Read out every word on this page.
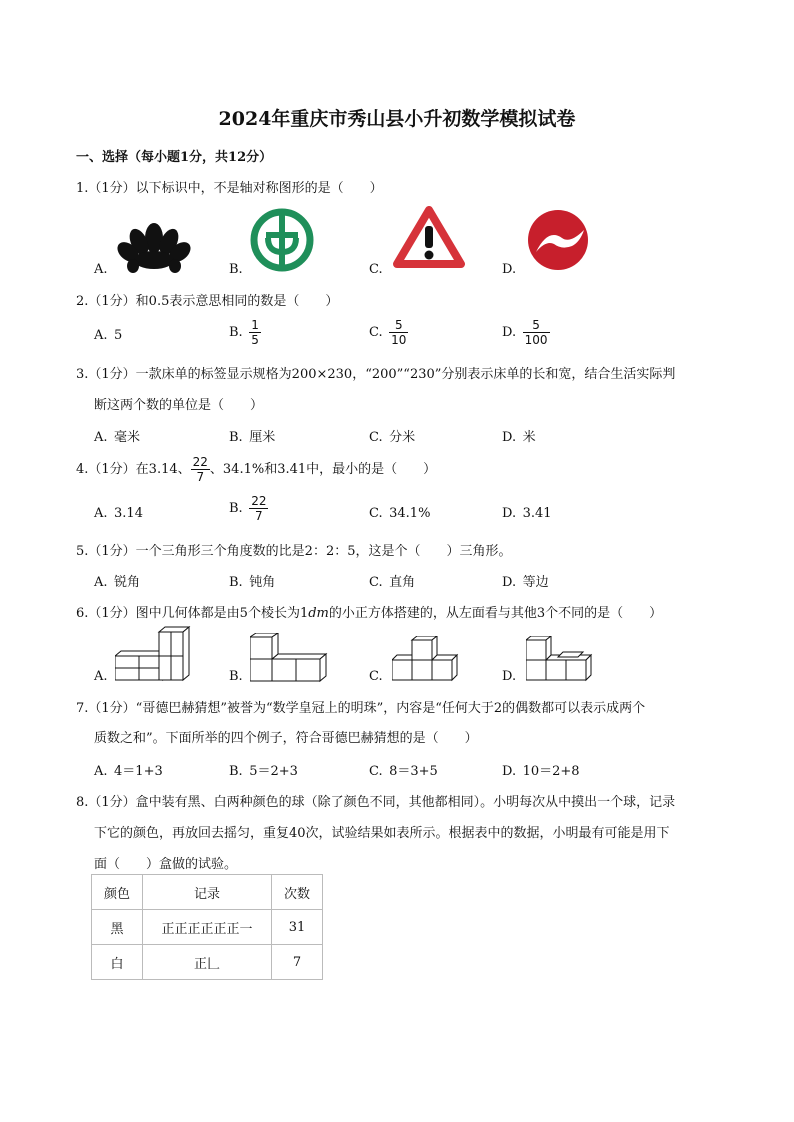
2024年重庆市秀山县小升初数学模拟试卷
一、选择（每小题1分，共12分）
1.（1分）以下标识中，不是轴对称图形的是（　　）
A.	B.	C.	D.
2.（1分）和0.5表示意思相同的数是（　　）
A.  5	B.  $\frac{1}{5}$	C.  $\frac{5}{10}$	D.  $\frac{5}{100}$
3.（1分）一款床单的标签显示规格为200×230，“200”“230”分别表示床单的长和宽，结合生活实际判
断这两个数的单位是（　　）
A.  毫米	B.  厘米	C.  分米	D.  米
4.（1分）在3.14、 $\frac{22}{7}$ 、34.1%和3.41中，最小的是（　　）
A.  3.14	B.  $\frac{22}{7}$	C.  34.1%	D.  3.41
5.（1分）一个三角形三个角度数的比是2：2：5，这是个（　　）三角形。
A.  锐角	B.  钝角	C.  直角	D.  等边
6.（1分）图中几何体都是由5个棱长为1dm的小正方体搭建的，从左面看与其他3个不同的是（　　）
A.	B.	C.	D.
7.（1分）“哥德巴赫猜想”被誉为“数学皇冠上的明珠”，内容是“任何大于2的偶数都可以表示成两个
质数之和”。下面所举的四个例子，符合哥德巴赫猜想的是（　　）
A.  4＝1+3	B.  5＝2+3	C.  8＝3+5	D.  10＝2+8
8.（1分）盒中装有黑、白两种颜色的球（除了颜色不同，其他都相同）。小明每次从中摸出一个球，记录
下它的颜色，再放回去摇匀，重复40次，试验结果如表所示。根据表中的数据，小明最有可能是用下
面（　　）盒做的试验。
颜色	记录	次数
黑	正正正正正正一	31
白	正𠃊	7
